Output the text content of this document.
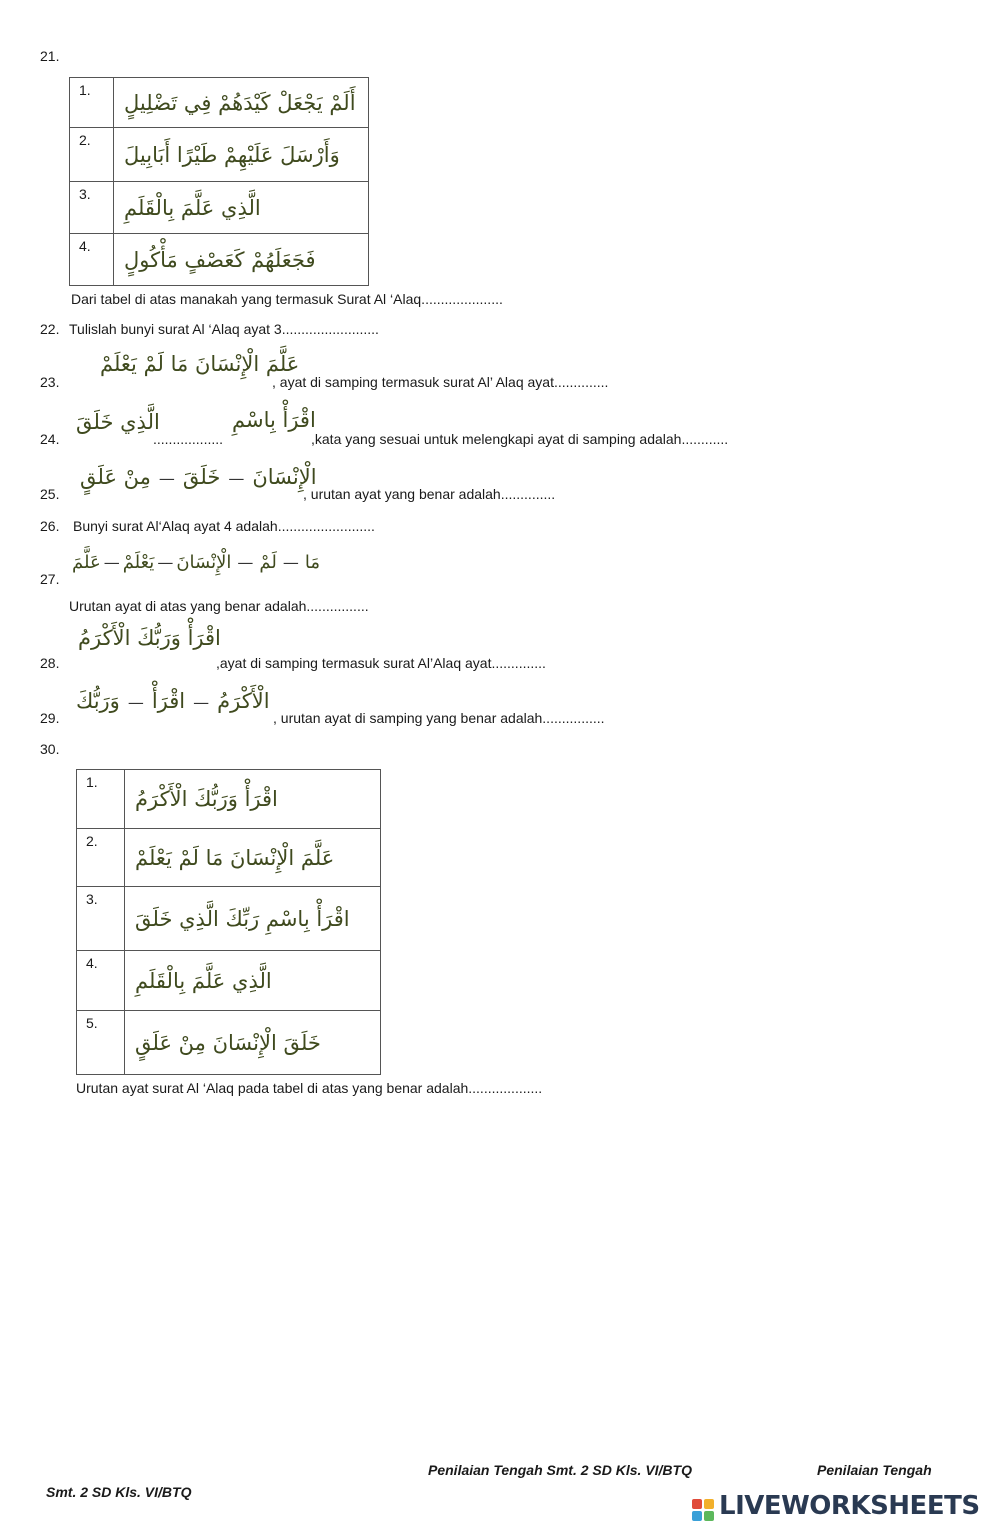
21.
1.	أَلَمْ يَجْعَلْ كَيْدَهُمْ فِي تَضْلِيلٍ
2.	وَأَرْسَلَ عَلَيْهِمْ طَيْرًا أَبَابِيلَ
3.	الَّذِي عَلَّمَ بِالْقَلَمِ
4.	فَجَعَلَهُمْ كَعَصْفٍ مَأْكُولٍ
Dari tabel di atas manakah yang termasuk Surat Al ‘Alaq.....................
22. Tulislah bunyi surat Al ‘Alaq ayat 3.........................
23.
عَلَّمَ الْإِنْسَانَ مَا لَمْ يَعْلَمْ
, ayat di samping termasuk surat Al’ Alaq ayat..............
24.
الَّذِي خَلَقَ
..................
اقْرَأْ بِاسْمِ
,kata yang sesuai untuk melengkapi ayat di samping adalah............
25.
مِنْ عَلَقٍ — خَلَقَ — الْإِنْسَانَ
, urutan ayat yang benar adalah..............
26. Bunyi surat Al‘Alaq ayat 4 adalah.........................
27.
عَلَّمَ — يَعْلَمْ — الْإِنْسَانَ — لَمْ — مَا
Urutan ayat di atas yang benar adalah................
28.
اقْرَأْ وَرَبُّكَ الْأَكْرَمُ
,ayat di samping termasuk surat Al’Alaq ayat..............
29.
وَرَبُّكَ — اقْرَأْ — الْأَكْرَمُ
, urutan ayat di samping yang benar adalah................
30.
1.	اقْرَأْ وَرَبُّكَ الْأَكْرَمُ
2.	عَلَّمَ الْإِنْسَانَ مَا لَمْ يَعْلَمْ
3.	اقْرَأْ بِاسْمِ رَبِّكَ الَّذِي خَلَقَ
4.	الَّذِي عَلَّمَ بِالْقَلَمِ
5.	خَلَقَ الْإِنْسَانَ مِنْ عَلَقٍ
Urutan ayat surat Al ‘Alaq pada tabel di atas yang benar adalah...................
Penilaian Tengah Smt. 2 SD Kls. VI/BTQ	Penilaian Tengah
Smt. 2 SD Kls. VI/BTQ	LIVEWORKSHEETS
